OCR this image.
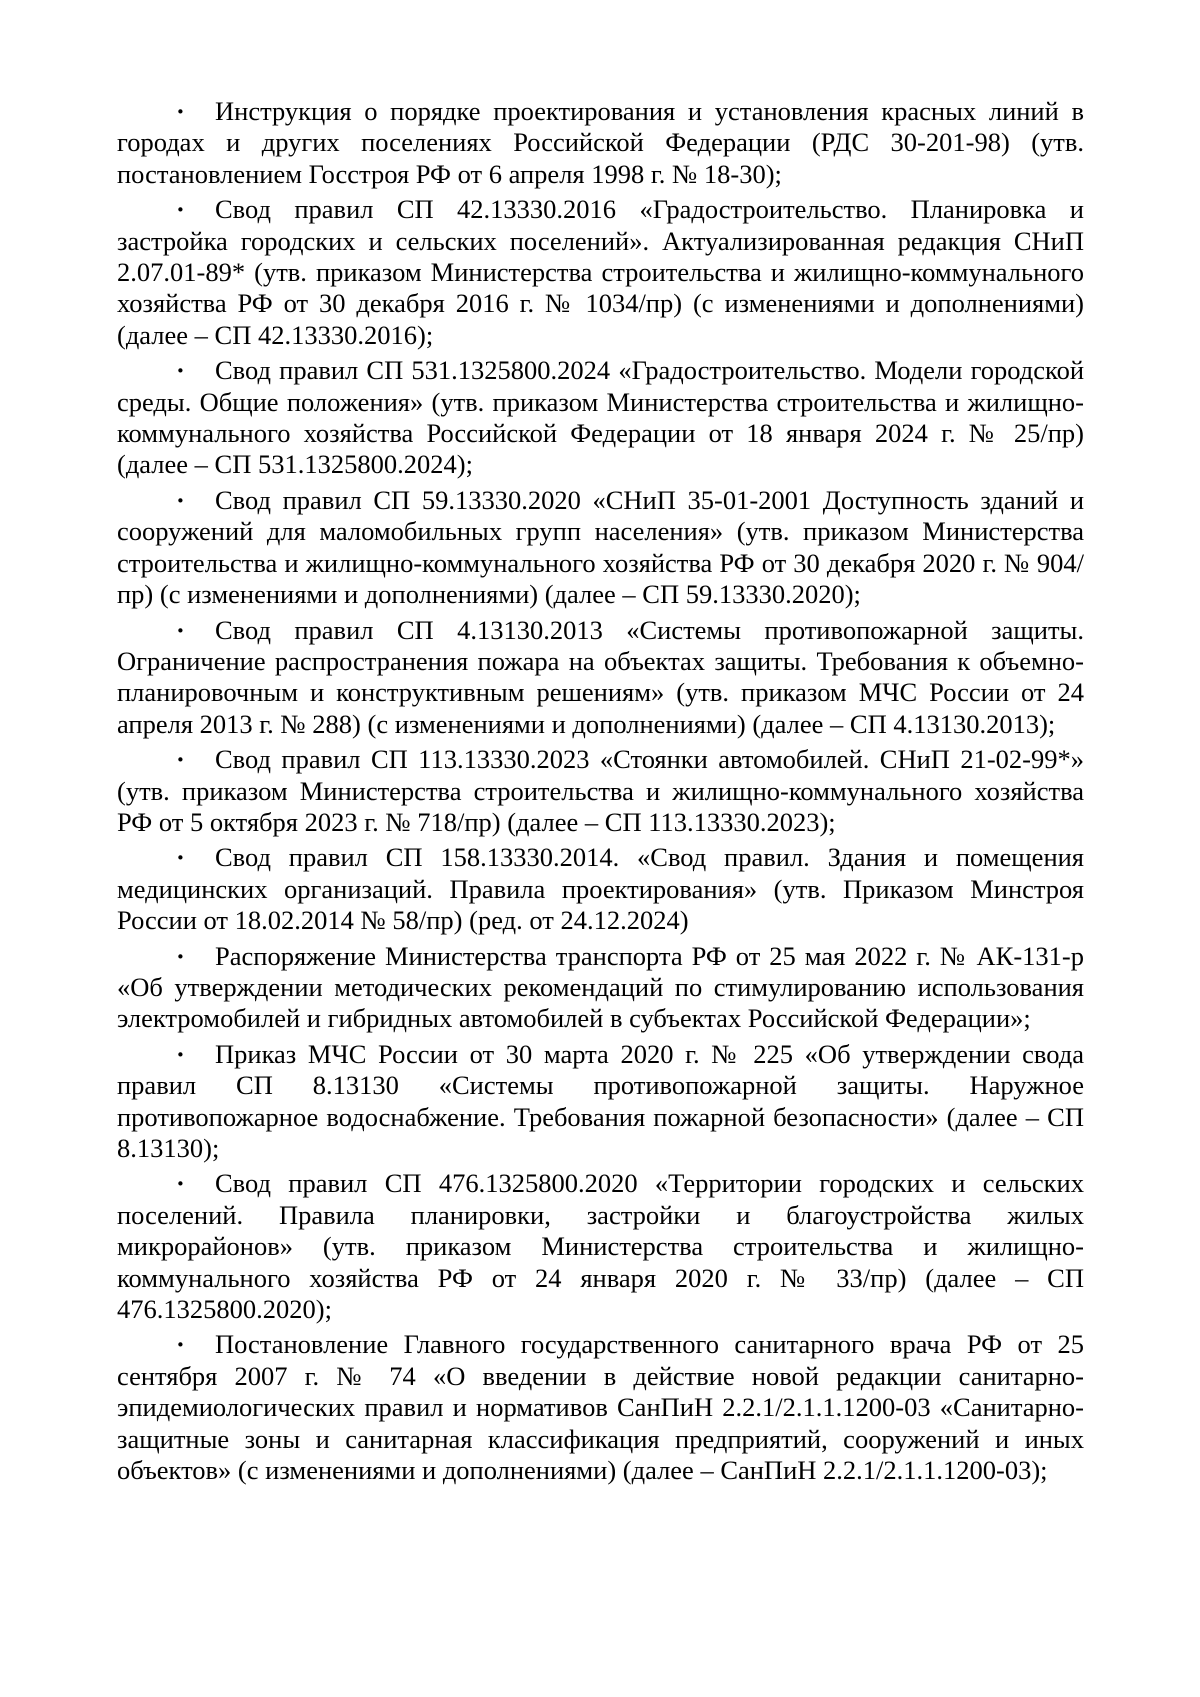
· Инструкция о порядке проектирования и установления красных линий в городах и других поселениях Российской Федерации (РДС 30-201-98) (утв. постановлением Госстроя РФ от 6 апреля 1998 г. № 18-30);
· Свод правил СП 42.13330.2016 «Градостроительство. Планировка и застройка городских и сельских поселений». Актуализированная редакция СНиП 2.07.01-89* (утв. приказом Министерства строительства и жилищно-коммунального хозяйства РФ от 30 декабря 2016 г. № 1034/пр) (с изменениями и дополнениями) (далее – СП 42.13330.2016);
· Свод правил СП 531.1325800.2024 «Градостроительство. Модели городской среды. Общие положения» (утв. приказом Министерства строительства и жилищно-коммунального хозяйства Российской Федерации от 18 января 2024 г. № 25/пр) (далее – СП 531.1325800.2024);
· Свод правил СП 59.13330.2020 «СНиП 35-01-2001 Доступность зданий и сооружений для маломобильных групп населения» (утв. приказом Министерства строительства и жилищно-коммунального хозяйства РФ от 30 декабря 2020 г. № 904/пр) (с изменениями и дополнениями) (далее – СП 59.13330.2020);
· Свод правил СП 4.13130.2013 «Системы противопожарной защиты. Ограничение распространения пожара на объектах защиты. Требования к объемно-планировочным и конструктивным решениям» (утв. приказом МЧС России от 24 апреля 2013 г. № 288) (с изменениями и дополнениями) (далее – СП 4.13130.2013);
· Свод правил СП 113.13330.2023 «Стоянки автомобилей. СНиП 21-02-99*» (утв. приказом Министерства строительства и жилищно-коммунального хозяйства РФ от 5 октября 2023 г. № 718/пр) (далее – СП 113.13330.2023);
· Свод правил СП 158.13330.2014. «Свод правил. Здания и помещения медицинских организаций. Правила проектирования» (утв. Приказом Минстроя России от 18.02.2014 № 58/пр) (ред. от 24.12.2024)
· Распоряжение Министерства транспорта РФ от 25 мая 2022 г. № АК-131-р «Об утверждении методических рекомендаций по стимулированию использования электромобилей и гибридных автомобилей в субъектах Российской Федерации»;
· Приказ МЧС России от 30 марта 2020 г. № 225 «Об утверждении свода правил СП 8.13130 «Системы противопожарной защиты. Наружное противопожарное водоснабжение. Требования пожарной безопасности» (далее – СП 8.13130);
· Свод правил СП 476.1325800.2020 «Территории городских и сельских поселений. Правила планировки, застройки и благоустройства жилых микрорайонов» (утв. приказом Министерства строительства и жилищно-коммунального хозяйства РФ от 24 января 2020 г. № 33/пр) (далее – СП 476.1325800.2020);
· Постановление Главного государственного санитарного врача РФ от 25 сентября 2007 г. № 74 «О введении в действие новой редакции санитарно-эпидемиологических правил и нормативов СанПиН 2.2.1/2.1.1.1200-03 «Санитарно-защитные зоны и санитарная классификация предприятий, сооружений и иных объектов» (с изменениями и дополнениями) (далее – СанПиН 2.2.1/2.1.1.1200-03);
